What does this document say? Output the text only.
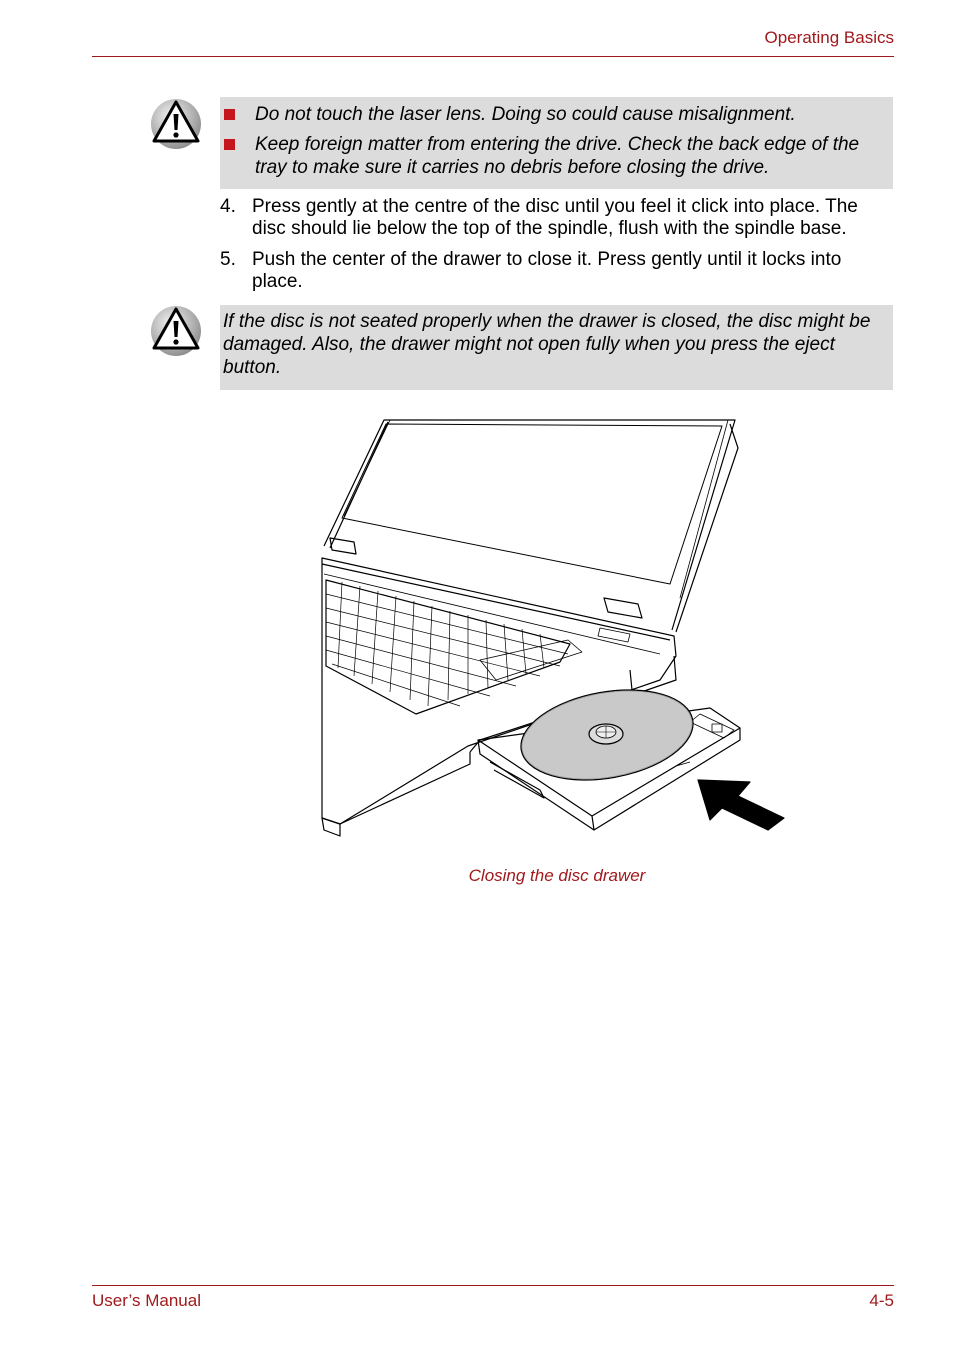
Operating Basics
Do not touch the laser lens. Doing so could cause misalignment.
Keep foreign matter from entering the drive. Check the back edge of the tray to make sure it carries no debris before closing the drive.
4. Press gently at the centre of the disc until you feel it click into place. The disc should lie below the top of the spindle, flush with the spindle base.
5. Push the center of the drawer to close it. Press gently until it locks into place.
If the disc is not seated properly when the drawer is closed, the disc might be damaged. Also, the drawer might not open fully when you press the eject button.
Closing the disc drawer
User’s Manual	4-5
